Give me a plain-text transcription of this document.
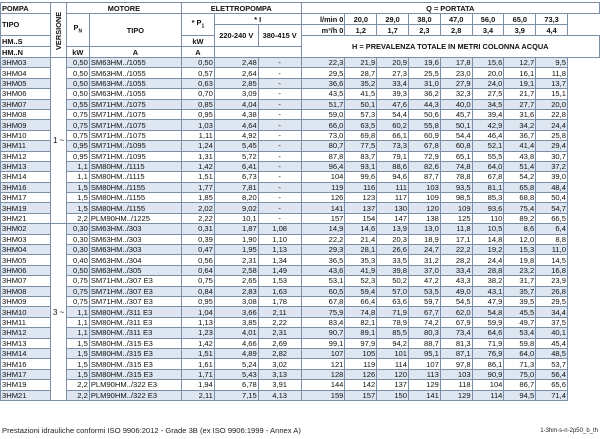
POMPA	VERSIONE	MOTORE		ELETTROPOMPA			Q = PORTATA								
TIPO		$P_N$	TIPO	* $P_1$	* I		l/min 0	20,0	29,0	38,0	47,0	56,0	65,0	73,3	
					220-240 V	380-415 V	m³/h 0	1,2	1,7	2,3	2,8	3,4	3,9	4,4	
HM..S				kW			H = PREVALENZA TOTALE IN METRI COLONNA ACQUA								
HM..N		kW	A	A											
3HM03	1 ~	0,50	SM63HM../1055	0,50	2,48	-	22,3	21,9	20,9	19,6	17,8	15,6	12,7	9,5	
3HM04		0,50	SM63HM../1055	0,57	2,64	-	29,5	28,7	27,3	25,5	23,0	20,0	16,1	11,8	
3HM05		0,50	SM63HM../1055	0,63	2,85	-	36,6	35,2	33,4	31,0	27,9	24,0	19,1	13,7	
3HM06		0,50	SM63HM../1055	0,70	3,09	-	43,5	41,5	39,3	36,2	32,3	27,5	21,7	15,1	
3HM07		0,55	SM71HM../1075	0,85	4,04	-	51,7	50,1	47,6	44,3	40,0	34,5	27,7	20,0	
3HM08		0,75	SM71HM../1075	0,95	4,38	-	59,0	57,3	54,4	50,6	45,7	39,4	31,6	22,8	
3HM09		0,75	SM71HM../1075	1,03	4,64	-	66,0	63,5	60,2	55,8	50,1	42,9	34,2	24,4	
3HM10		0,75	SM71HM../1075	1,11	4,92	-	73,0	69,8	66,1	60,9	54,4	46,4	36,7	25,8	
3HM11		0,95	SM71HM../1095	1,24	5,45	-	80,7	77,5	73,3	67,8	60,8	52,1	41,4	29,4	
3HM12		0,95	SM71HM../1095	1,31	5,72	-	87,8	83,7	79,1	72,9	65,1	55,5	43,8	30,7	
3HM13		1,1	SM80HM../1115	1,42	6,41	-	96,4	93,1	88,6	82,6	74,8	64,0	51,4	37,2	
3HM14		1,1	SM80HM../1115	1,51	6,73	-	104	99,6	94,6	87,7	78,8	67,8	54,2	39,0	
3HM16		1,5	SM80HM../1155	1,77	7,81	-	119	116	111	103	93,5	81,1	65,8	48,4	
3HM17		1,5	SM80HM../1155	1,85	8,20	-	126	123	117	109	98,5	85,3	68,8	50,4	
3HM19		1,5	SM80HM../1155	2,02	9,02	-	141	137	130	120	109	93,6	75,4	54,7	
3HM21		2,2	PLM90HM../1225	2,22	10,1	-	157	154	147	138	125	110	89,2	66,5	
3HM02	3 ~	0,30	SM63HM../303	0,31	1,87	1,08	14,9	14,6	13,9	13,0	11,8	10,5	8,6	6,4	
3HM03		0,30	SM63HM../303	0,39	1,90	1,10	22,2	21,4	20,3	18,9	17,1	14,8	12,0	8,8	
3HM04		0,30	SM63HM../303	0,47	1,95	1,13	29,3	28,1	26,6	24,7	22,2	19,2	15,3	11,0	
3HM05		0,40	SM63HM../304	0,56	2,31	1,34	36,5	35,3	33,5	31,2	28,2	24,4	19,8	14,5	
3HM06		0,50	SM63HM../305	0,64	2,58	1,49	43,6	41,9	39,8	37,0	33,4	28,8	23,2	16,8	
3HM07		0,75	SM71HM../307 E3	0,75	2,65	1,53	53,1	52,3	50,2	47,2	43,3	38,2	31,7	23,9	
3HM08		0,75	SM71HM../307 E3	0,84	2,83	1,63	60,5	59,4	57,0	53,5	49,0	43,1	35,7	26,8	
3HM09		0,75	SM71HM../307 E3	0,95	3,08	1,78	67,8	66,4	63,6	59,7	54,5	47,9	39,5	29,5	
3HM10		1,1	SM80HM../311 E3	1,04	3,66	2,11	75,9	74,8	71,9	67,7	62,0	54,8	45,5	34,4	
3HM11		1,1	SM80HM../311 E3	1,13	3,85	2,22	83,4	82,1	78,9	74,2	67,9	59,9	49,7	37,5	
3HM12		1,1	SM80HM../311 E3	1,23	4,01	2,31	90,7	89,1	85,5	80,3	73,4	64,6	53,4	40,1	
3HM13		1,5	SM80HM../315 E3	1,42	4,66	2,69	99,1	97,9	94,2	88,7	81,3	71,9	59,8	45,4	
3HM14		1,5	SM80HM../315 E3	1,51	4,89	2,82	107	105	101	95,1	87,1	76,9	64,0	48,5	
3HM16		1,5	SM80HM../315 E3	1,61	5,24	3,02	121	119	114	107	97,8	86,1	71,3	53,7	
3HM17		1,5	SM80HM../315 E3	1,71	5,43	3,13	128	126	120	113	103	90,9	75,0	56,4	
3HM19		2,2	PLM90HM../322 E3	1,94	6,78	3,91	144	142	137	129	118	104	86,7	65,6	
3HM21		2,2	PLM90HM../322 E3	2,11	7,15	4,13	159	157	150	141	129	114	94,5	71,4	
Prestazioni idrauliche conformi ISO 9906:2012 - Grade 3B (ex ISO 9906:1999 - Annex A)	1-3hm-s-n-2p50_b_th
